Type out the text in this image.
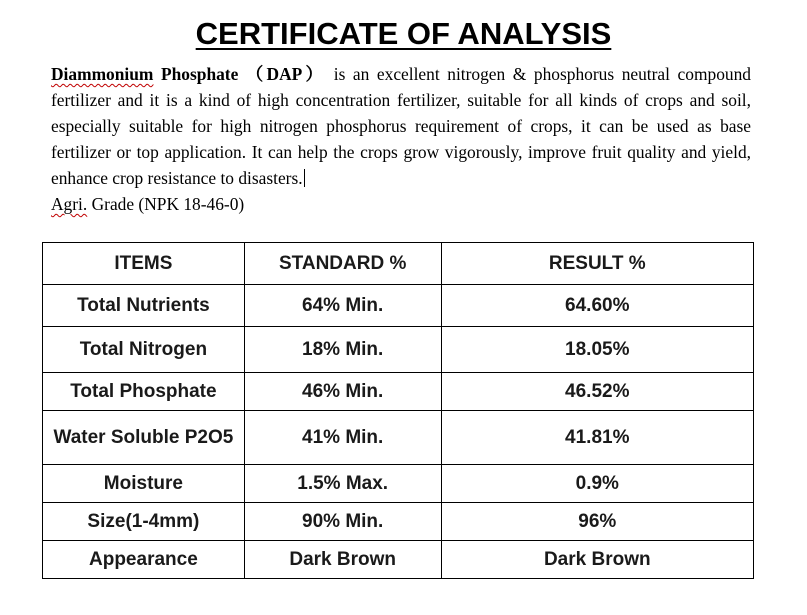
CERTIFICATE OF ANALYSIS
Diammonium Phosphate （DAP） is an excellent nitrogen & phosphorus neutral compound fertilizer and it is a kind of high concentration fertilizer, suitable for all kinds of crops and soil, especially suitable for high nitrogen phosphorus requirement of crops, it can be used as base fertilizer or top application. It can help the crops grow vigorously, improve fruit quality and yield, enhance crop resistance to disasters.
Agri. Grade (NPK 18-46-0)
ITEMS	STANDARD %	RESULT %
Total Nutrients	64% Min.	64.60%
Total Nitrogen	18% Min.	18.05%
Total Phosphate	46% Min.	46.52%
Water Soluble P2O5	41% Min.	41.81%
Moisture	1.5% Max.	0.9%
Size(1-4mm)	90% Min.	96%
Appearance	Dark Brown	Dark Brown
